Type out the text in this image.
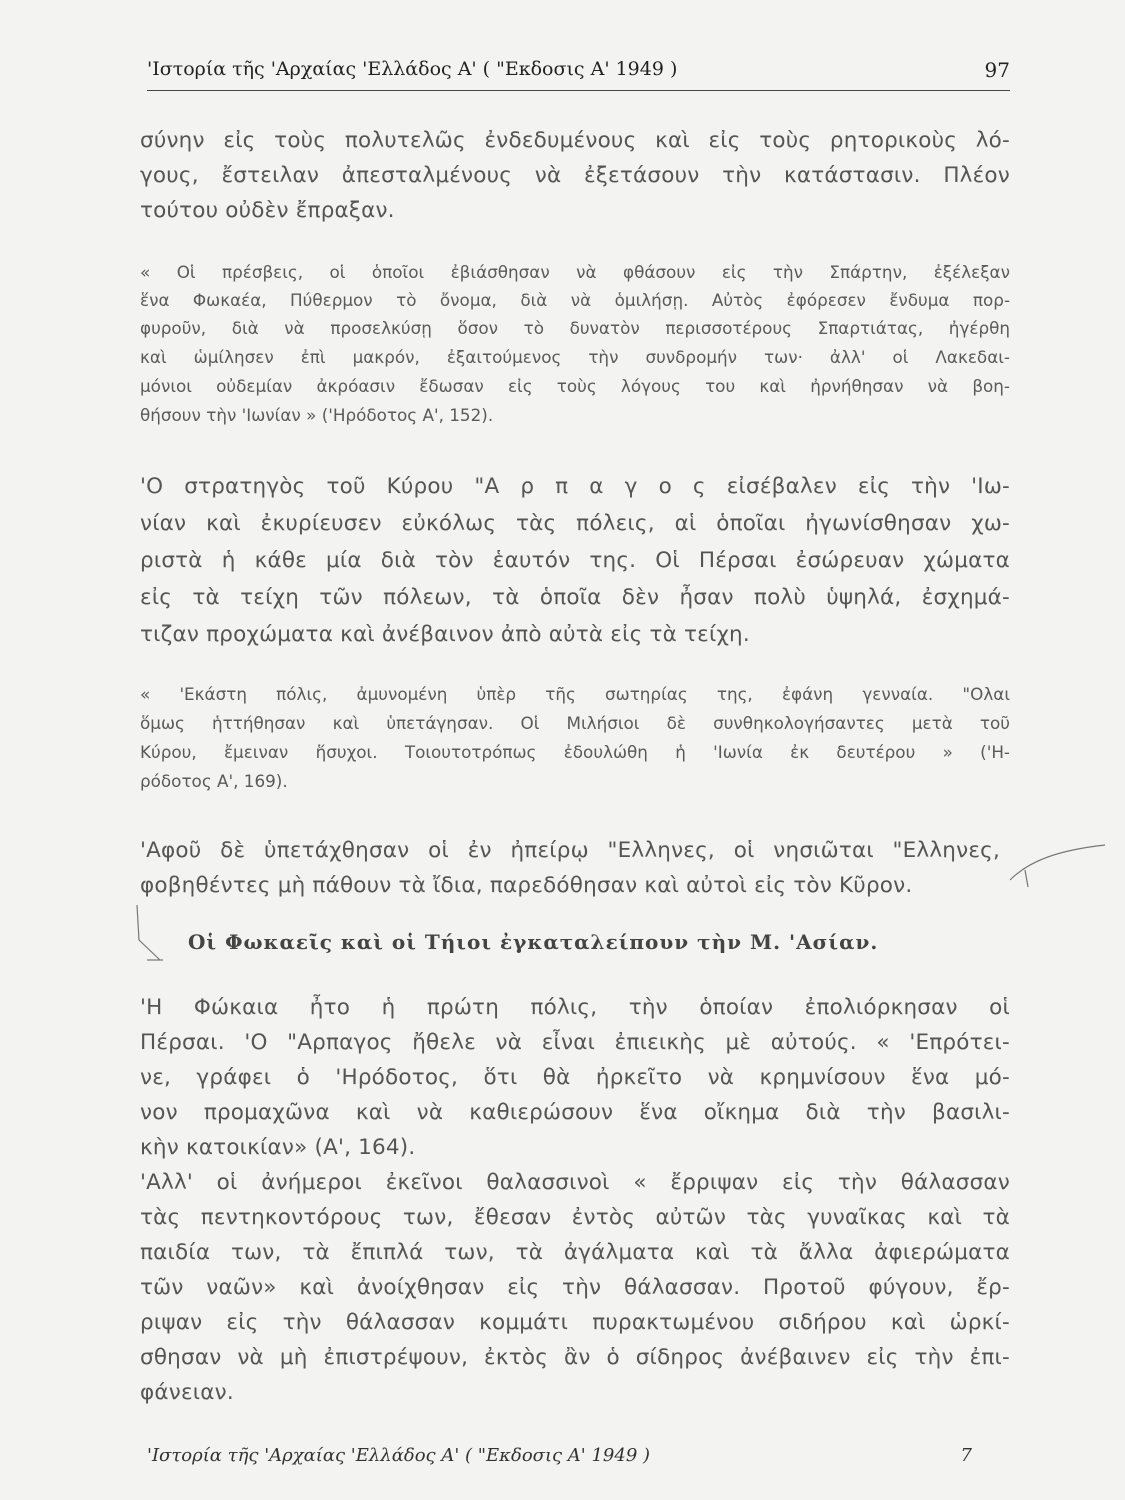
'Ιστορία τῆς 'Αρχαίας 'Ελλάδος Α' ( "Εκδοσις Α' 1949 )	97
σύνην εἰς τοὺς πολυτελῶς ἐνδεδυμένους καὶ εἰς τοὺς ρητορικοὺς λό-
γους, ἔστειλαν ἀπεσταλμένους νὰ ἐξετάσουν τὴν κατάστασιν. Πλέον
τούτου οὐδὲν ἔπραξαν.
« Οἱ πρέσβεις, οἱ ὁποῖοι ἐβιάσθησαν νὰ φθάσουν εἰς τὴν Σπάρτην, ἐξέλεξαν
ἕνα Φωκαέα, Πύθερμον τὸ ὄνομα, διὰ νὰ ὁμιλήσῃ. Αὐτὸς ἐφόρεσεν ἔνδυμα πορ-
φυροῦν, διὰ νὰ προσελκύσῃ ὅσον τὸ δυνατὸν περισσοτέρους Σπαρτιάτας, ἠγέρθη
καὶ ὡμίλησεν ἐπὶ μακρόν, ἐξαιτούμενος τὴν συνδρομήν των· ἀλλ' οἱ Λακεδαι-
μόνιοι οὐδεμίαν ἀκρόασιν ἔδωσαν εἰς τοὺς λόγους του καὶ ἠρνήθησαν νὰ βοη-
θήσουν τὴν 'Ιωνίαν » ('Ηρόδοτος Α', 152).
'Ο στρατηγὸς τοῦ Κύρου "Α ρ π α γ ο ς εἰσέβαλεν εἰς τὴν 'Ιω-
νίαν καὶ ἐκυρίευσεν εὐκόλως τὰς πόλεις, αἱ ὁποῖαι ἠγωνίσθησαν χω-
ριστὰ ἡ κάθε μία διὰ τὸν ἑαυτόν της. Οἱ Πέρσαι ἐσώρευαν χώματα
εἰς τὰ τείχη τῶν πόλεων, τὰ ὁποῖα δὲν ἦσαν πολὺ ὑψηλά, ἐσχημά-
τιζαν προχώματα καὶ ἀνέβαινον ἀπὸ αὐτὰ εἰς τὰ τείχη.
« 'Εκάστη πόλις, ἀμυνομένη ὑπὲρ τῆς σωτηρίας της, ἐφάνη γενναία. "Ολαι
ὅμως ἡττήθησαν καὶ ὑπετάγησαν. Οἱ Μιλήσιοι δὲ συνθηκολογήσαντες μετὰ τοῦ
Κύρου, ἔμειναν ἥσυχοι. Τοιουτοτρόπως ἐδουλώθη ἡ 'Ιωνία ἐκ δευτέρου » ('Η-
ρόδοτος Α', 169).
'Αφοῦ δὲ ὑπετάχθησαν οἱ ἐν ἠπείρῳ "Ελληνες, οἱ νησιῶται "Ελληνες,
φοβηθέντες μὴ πάθουν τὰ ἴδια, παρεδόθησαν καὶ αὐτοὶ εἰς τὸν Κῦρον.
Οἱ Φωκαεῖς καὶ οἱ Τήιοι ἐγκαταλείπουν τὴν Μ. 'Ασίαν.
'Η Φώκαια ἦτο ἡ πρώτη πόλις, τὴν ὁποίαν ἐπολιόρκησαν οἱ
Πέρσαι. 'Ο "Αρπαγος ἤθελε νὰ εἶναι ἐπιεικὴς μὲ αὐτούς. « 'Επρότει-
νε, γράφει ὁ 'Ηρόδοτος, ὅτι θὰ ἠρκεῖτο νὰ κρημνίσουν ἕνα μό-
νον προμαχῶνα καὶ νὰ καθιερώσουν ἕνα οἴκημα διὰ τὴν βασιλι-
κὴν κατοικίαν» (Α', 164).
'Αλλ' οἱ ἀνήμεροι ἐκεῖνοι θαλασσινοὶ « ἔρριψαν εἰς τὴν θάλασσαν
τὰς πεντηκοντόρους των, ἔθεσαν ἐντὸς αὐτῶν τὰς γυναῖκας καὶ τὰ
παιδία των, τὰ ἔπιπλά των, τὰ ἀγάλματα καὶ τὰ ἄλλα ἀφιερώματα
τῶν ναῶν» καὶ ἀνοίχθησαν εἰς τὴν θάλασσαν. Προτοῦ φύγουν, ἔρ-
ριψαν εἰς τὴν θάλασσαν κομμάτι πυρακτωμένου σιδήρου καὶ ὡρκί-
σθησαν νὰ μὴ ἐπιστρέψουν, ἐκτὸς ἂν ὁ σίδηρος ἀνέβαινεν εἰς τὴν ἐπι-
φάνειαν.
'Ιστορία τῆς 'Αρχαίας 'Ελλάδος Α' ( "Εκδοσις Α' 1949 )	7
